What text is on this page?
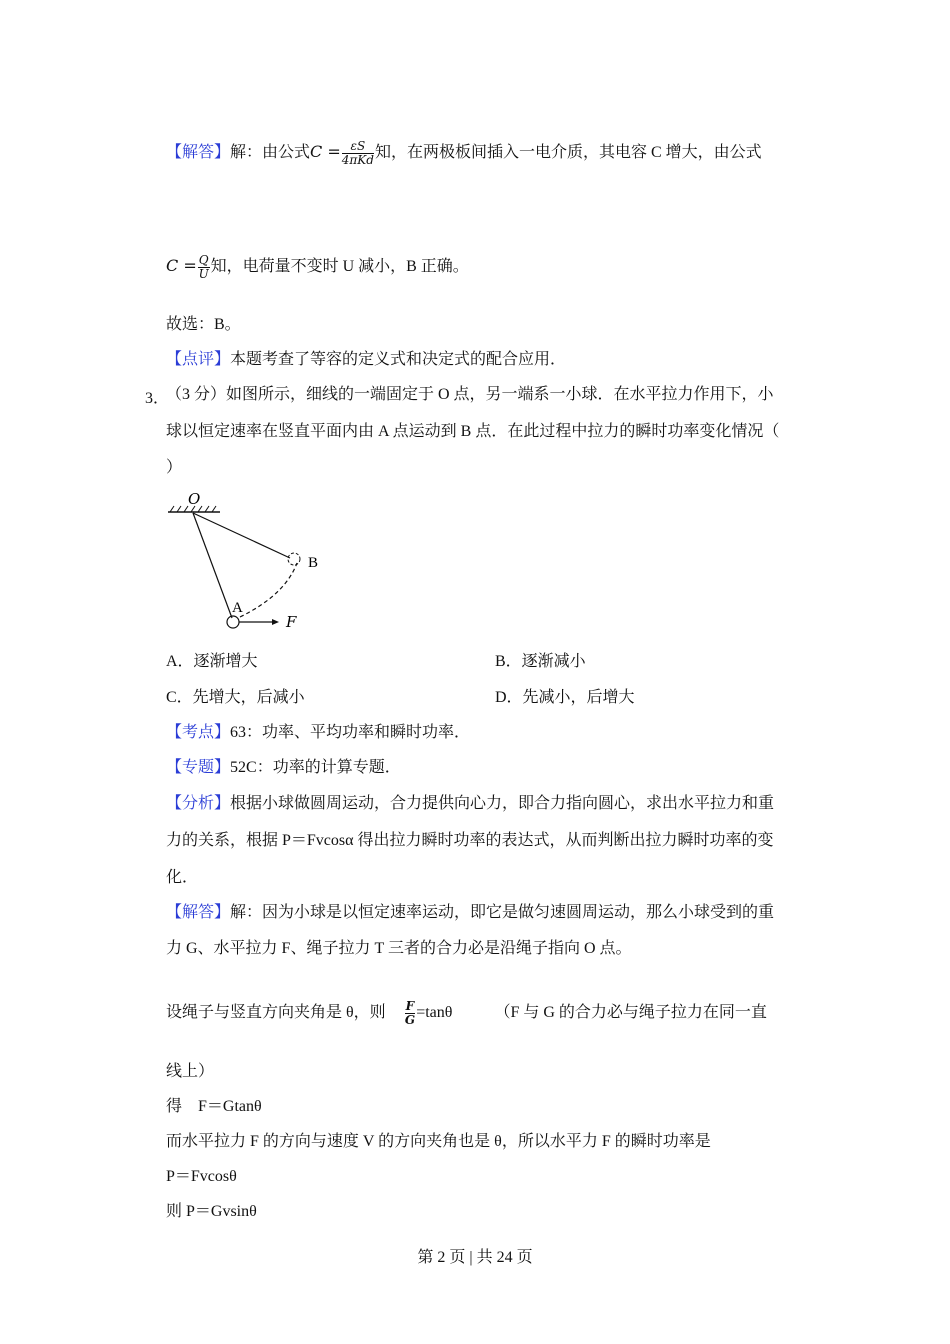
【解答】解：由公式$C = \frac{\varepsilon S}{\text{4πKd}}$ 知，在两极板间插入一电介质，其电容 C 增大，由公式
$C = \frac{Q}{U}$ 知，电荷量不变时 U 减小，B 正确。
故选：B。
【点评】本题考查了等容的定义式和决定式的配合应用．
3．
（3 分）如图所示，细线的一端固定于 O 点，另一端系一小球．在水平拉力作用下，小
球以恒定速率在竖直平面内由 A 点运动到 B 点．在此过程中拉力的瞬时功率变化情况（
）
O
B
A
F
A．逐渐增大	B．逐渐减小
C．先增大，后减小	D．先减小，后增大
【考点】63：功率、平均功率和瞬时功率．
【专题】52C：功率的计算专题．
【分析】根据小球做圆周运动，合力提供向心力，即合力指向圆心，求出水平拉力和重
力的关系，根据 P＝Fvcosα 得出拉力瞬时功率的表达式，从而判断出拉力瞬时功率的变
化．
【解答】解：因为小球是以恒定速率运动，即它是做匀速圆周运动，那么小球受到的重
力 G、水平拉力 F、绳子拉力 T 三者的合力必是沿绳子指向 O 点。
设绳子与竖直方向夹角是 θ，则 $\frac{F}{G} =\tan\theta$	（F 与 G 的合力必与绳子拉力在同一直
线上）
得　F＝Gtanθ
而水平拉力 F 的方向与速度 V 的方向夹角也是 θ，所以水平力 F 的瞬时功率是
P＝Fvcosθ
则 P＝Gvsinθ
第 2 页 | 共 24 页
